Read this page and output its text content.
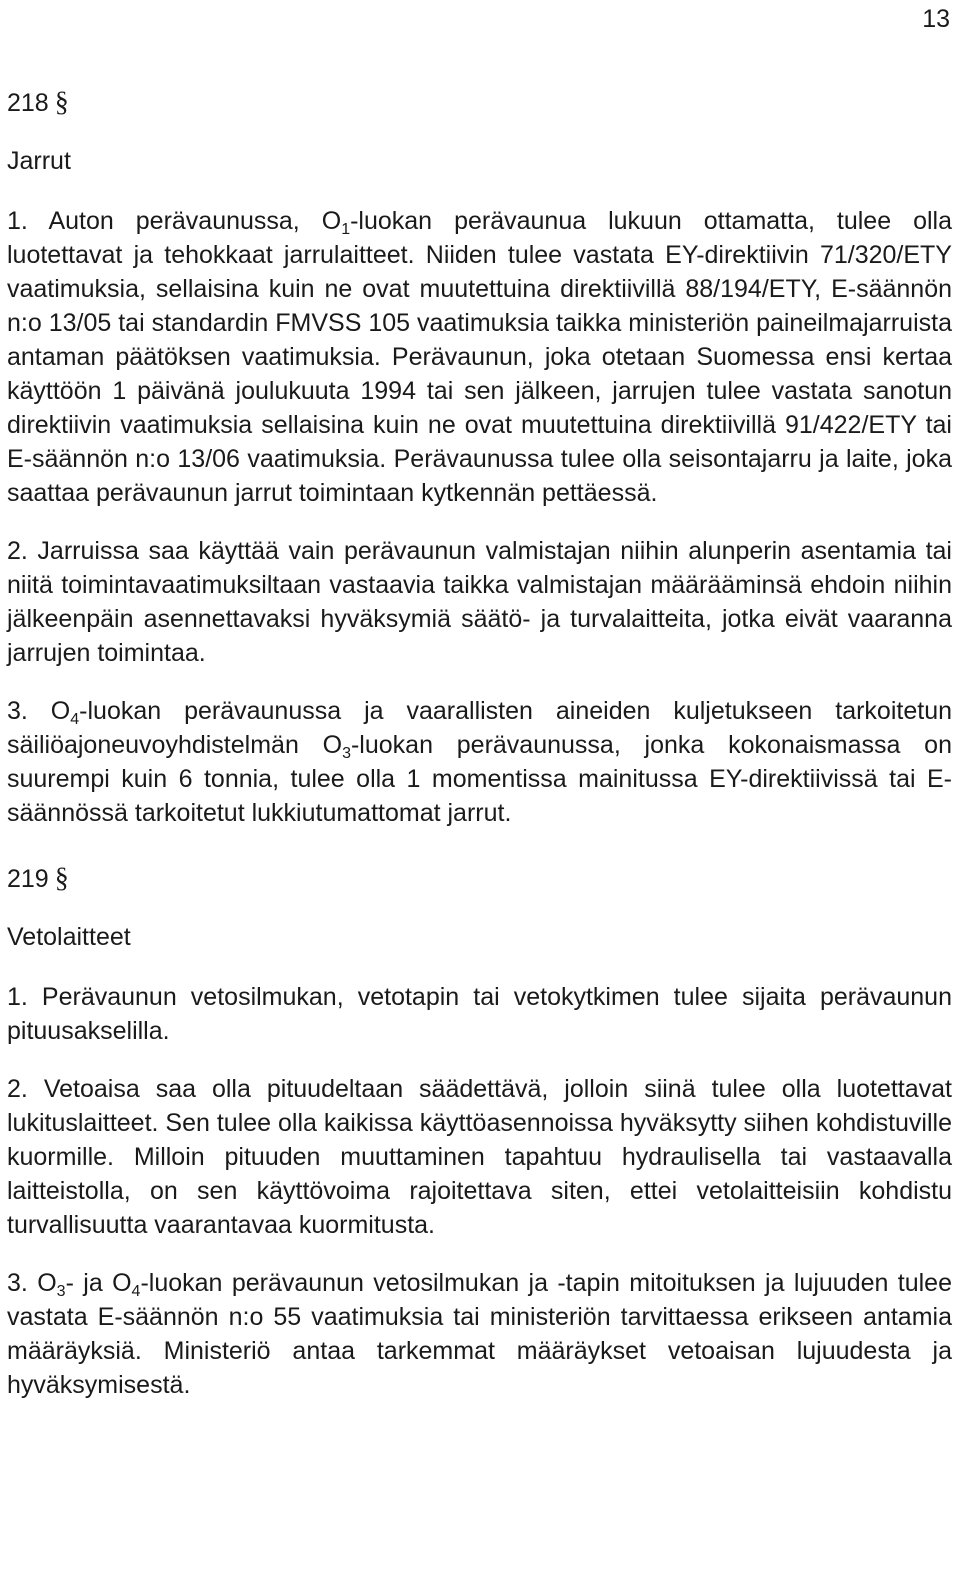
13
218 §
Jarrut

1. Auton perävaunussa, $O_1$-luokan perävaunua lukuun ottamatta, tulee olla luotettavat ja tehokkaat jarrulaitteet. Niiden tulee vastata EY-direktiivin 71/320/ETY vaatimuksia, sellaisina kuin ne ovat muutettuina direktiivillä 88/194/ETY, E-säännön n:o 13/05 tai standardin FMVSS 105 vaatimuksia taikka ministeriön paineilmajarruista antaman päätöksen vaatimuksia. Perävaunun, joka otetaan Suomessa ensi kertaa käyttöön 1 päivänä joulukuuta 1994 tai sen jälkeen, jarrujen tulee vastata sanotun direktiivin vaatimuksia sellaisina kuin ne ovat muutettuina direktiivillä 91/422/ETY tai E-säännön n:o 13/06 vaatimuksia. Perävaunussa tulee olla seisontajarru ja laite, joka saattaa perävaunun jarrut toimintaan kytkennän pettäessä.

2. Jarruissa saa käyttää vain perävaunun valmistajan niihin alunperin asentamia tai niitä toimintavaatimuksiltaan vastaavia taikka valmistajan määrääminsä ehdoin niihin jälkeenpäin asennettavaksi hyväksymiä säätö- ja turvalaitteita, jotka eivät vaaranna jarrujen toimintaa.

3. $O_4$-luokan perävaunussa ja vaarallisten aineiden kuljetukseen tarkoitetun säiliöajoneuvoyhdistelmän $O_3$-luokan perävaunussa, jonka kokonaismassa on suurempi kuin 6 tonnia, tulee olla 1 momentissa mainitussa EY-direktiivissä tai E-säännössä tarkoitetut lukkiutumattomat jarrut.

219 §
Vetolaitteet

1. Perävaunun vetosilmukan, vetotapin tai vetokytkimen tulee sijaita perävaunun pituusakselilla.

2. Vetoaisa saa olla pituudeltaan säädettävä, jolloin siinä tulee olla luotettavat lukituslaitteet. Sen tulee olla kaikissa käyttöasennoissa hyväksytty siihen kohdistuville kuormille. Milloin pituuden muuttaminen tapahtuu hydraulisella tai vastaavalla laitteistolla, on sen käyttövoima rajoitettava siten, ettei vetolaitteisiin kohdistu turvallisuutta vaarantavaa kuormitusta.

3. $O_3-$ ja $O_4$-luokan perävaunun vetosilmukan ja -tapin mitoituksen ja lujuuden tulee vastata E-säännön n:o 55 vaatimuksia tai ministeriön tarvittaessa erikseen antamia määräyksiä. Ministeriö antaa tarkemmat määräykset vetoaisan lujuudesta ja hyväksymisestä.
